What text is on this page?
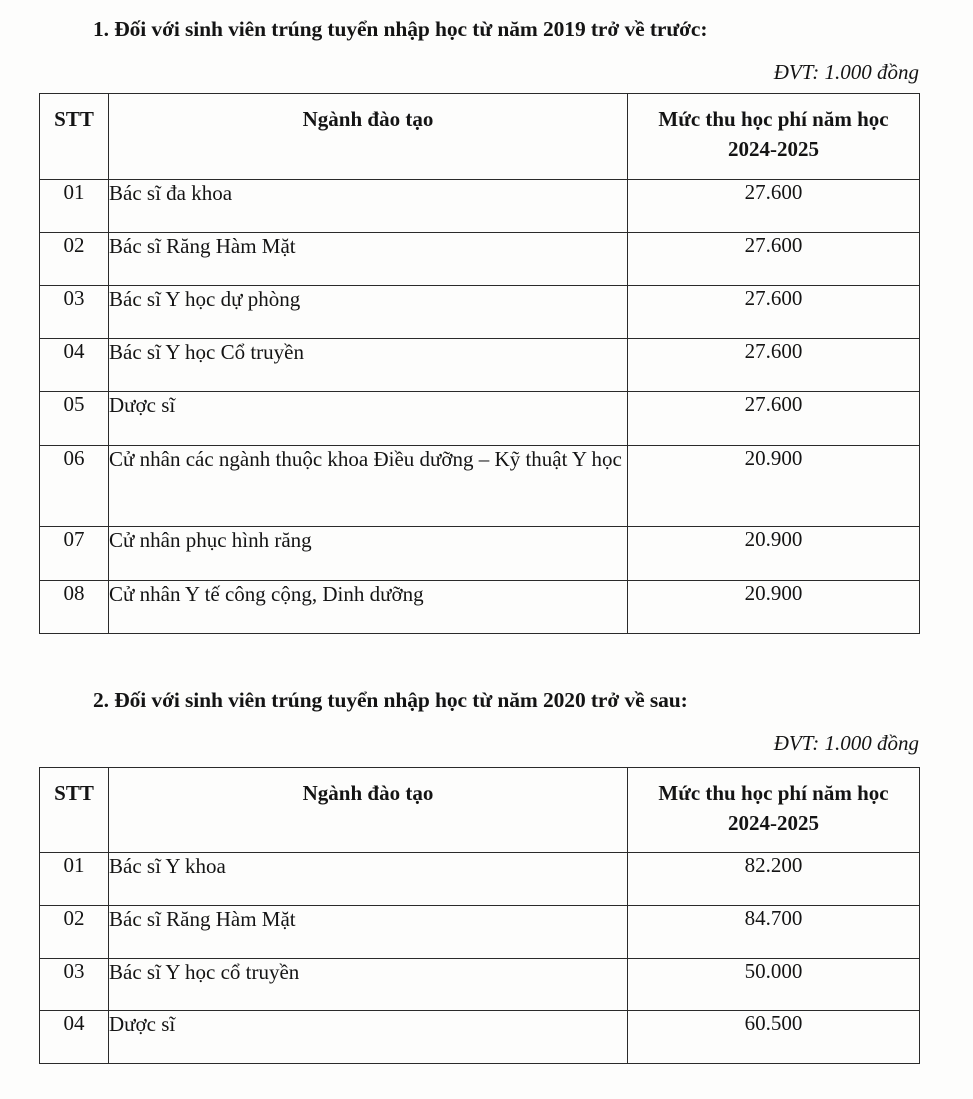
1. Đối với sinh viên trúng tuyển nhập học từ năm 2019 trở về trước:
ĐVT: 1.000 đồng
STT	Ngành đào tạo	Mức thu học phí năm học 2024-2025
01	Bác sĩ đa khoa	27.600
02	Bác sĩ Răng Hàm Mặt	27.600
03	Bác sĩ Y học dự phòng	27.600
04	Bác sĩ Y học Cổ truyền	27.600
05	Dược sĩ	27.600
06	Cử nhân các ngành thuộc khoa Điều dưỡng – Kỹ thuật Y học	20.900
07	Cử nhân phục hình răng	20.900
08	Cử nhân Y tế công cộng, Dinh dưỡng	20.900
2. Đối với sinh viên trúng tuyển nhập học từ năm 2020 trở về sau:
ĐVT: 1.000 đồng
STT	Ngành đào tạo	Mức thu học phí năm học 2024-2025
01	Bác sĩ Y khoa	82.200
02	Bác sĩ Răng Hàm Mặt	84.700
03	Bác sĩ Y học cổ truyền	50.000
04	Dược sĩ	60.500
